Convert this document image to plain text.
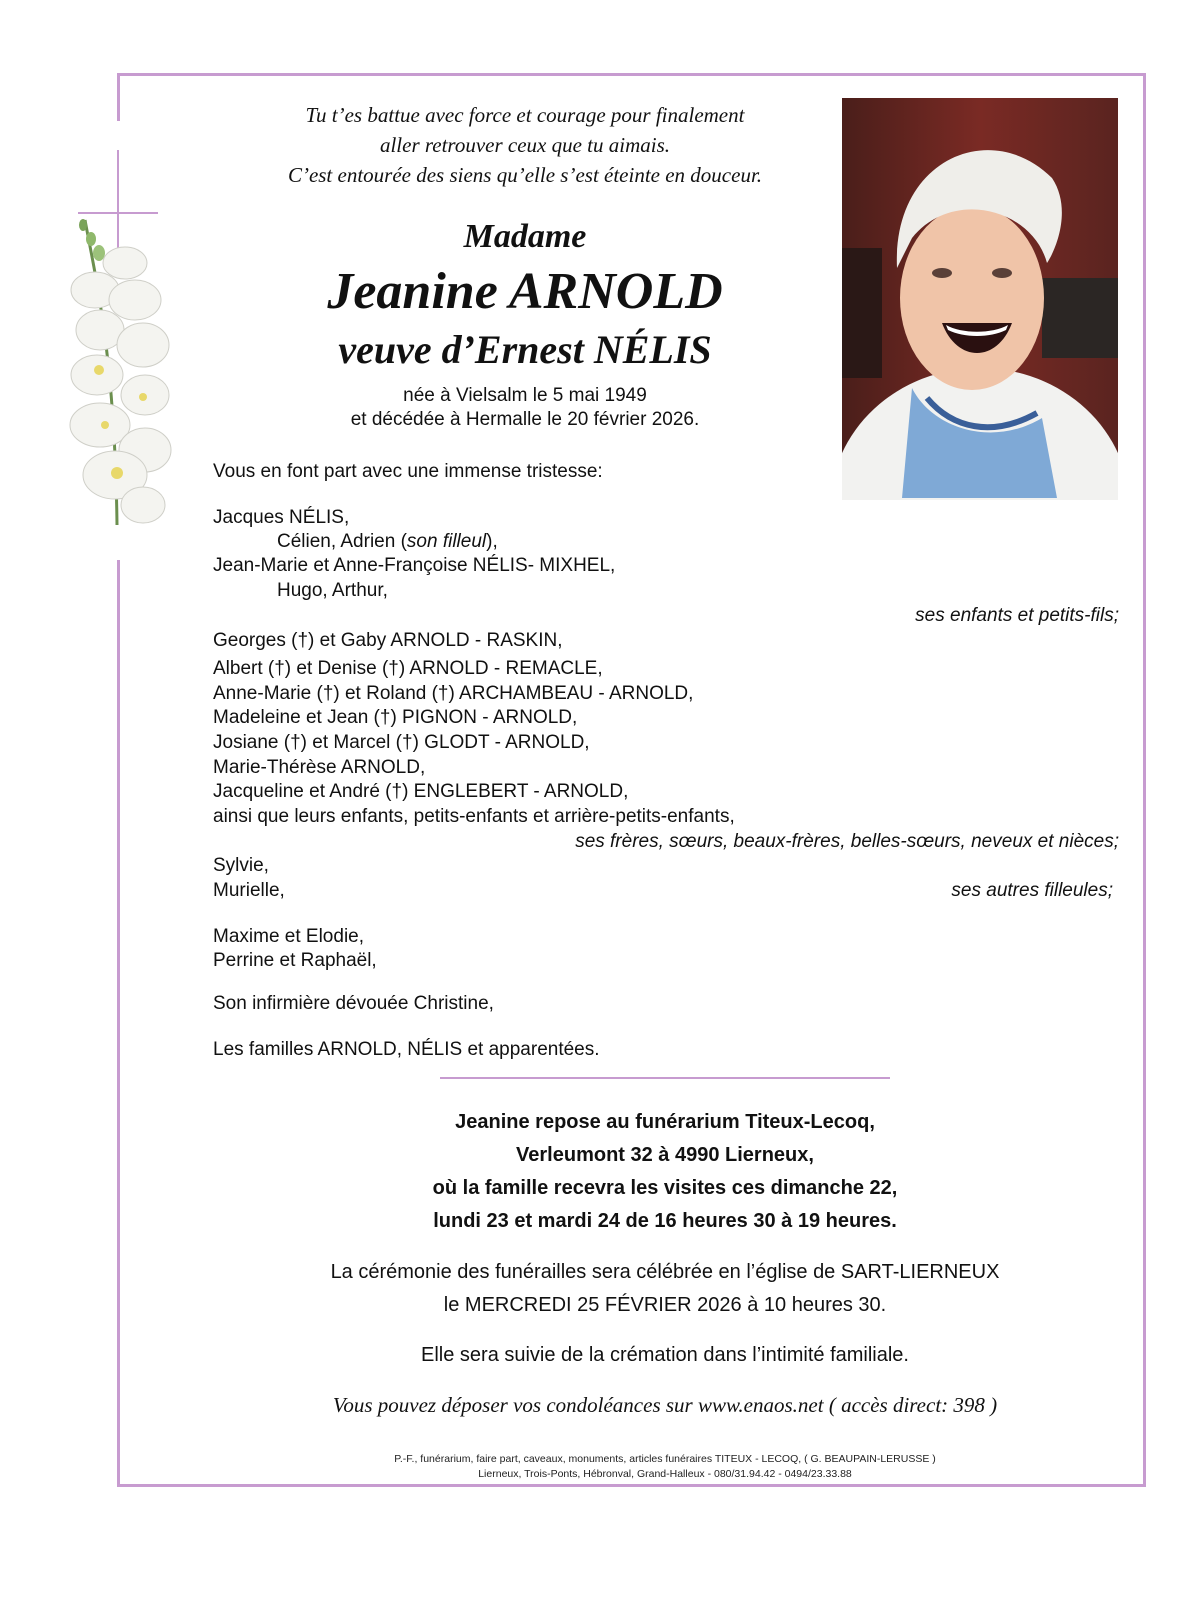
Tu t’es battue avec force et courage pour finalement
aller retrouver ceux que tu aimais.
C’est entourée des siens qu’elle s’est éteinte en douceur.
Madame
Jeanine ARNOLD
veuve d’Ernest NÉLIS
née à Vielsalm le 5 mai 1949
et décédée à Hermalle le 20 février 2026.
Vous en font part avec une immense tristesse:
Jacques NÉLIS,
Célien, Adrien (son filleul),
Jean-Marie et Anne-Françoise NÉLIS- MIXHEL,
Hugo, Arthur,
ses enfants et petits-fils;
Georges (†) et Gaby ARNOLD - RASKIN,
Albert (†) et Denise (†) ARNOLD - REMACLE,
Anne-Marie (†) et Roland (†) ARCHAMBEAU - ARNOLD,
Madeleine et Jean (†) PIGNON - ARNOLD,
Josiane (†) et Marcel (†) GLODT - ARNOLD,
Marie-Thérèse ARNOLD,
Jacqueline et André (†) ENGLEBERT - ARNOLD,
ainsi que leurs enfants, petits-enfants et arrière-petits-enfants,
ses frères, sœurs, beaux-frères, belles-sœurs, neveux et nièces;
Sylvie,
Murielle,	ses autres filleules;
Maxime et Elodie,
Perrine et Raphaël,
Son infirmière dévouée Christine,
Les familles ARNOLD, NÉLIS et apparentées.
Jeanine repose au funérarium Titeux-Lecoq,
Verleumont 32 à 4990 Lierneux,
où la famille recevra les visites ces dimanche 22,
lundi 23 et mardi 24 de 16 heures 30 à 19 heures.
La cérémonie des funérailles sera célébrée en l’église de SART-LIERNEUX
le MERCREDI 25 FÉVRIER 2026 à 10 heures 30.
Elle sera suivie de la crémation dans l’intimité familiale.
Vous pouvez déposer vos condoléances sur www.enaos.net ( accès direct: 398 )
P.-F., funérarium, faire part, caveaux, monuments, articles funéraires TITEUX - LECOQ, ( G. BEAUPAIN-LERUSSE )
Lierneux, Trois-Ponts, Hébronval, Grand-Halleux - 080/31.94.42 - 0494/23.33.88
